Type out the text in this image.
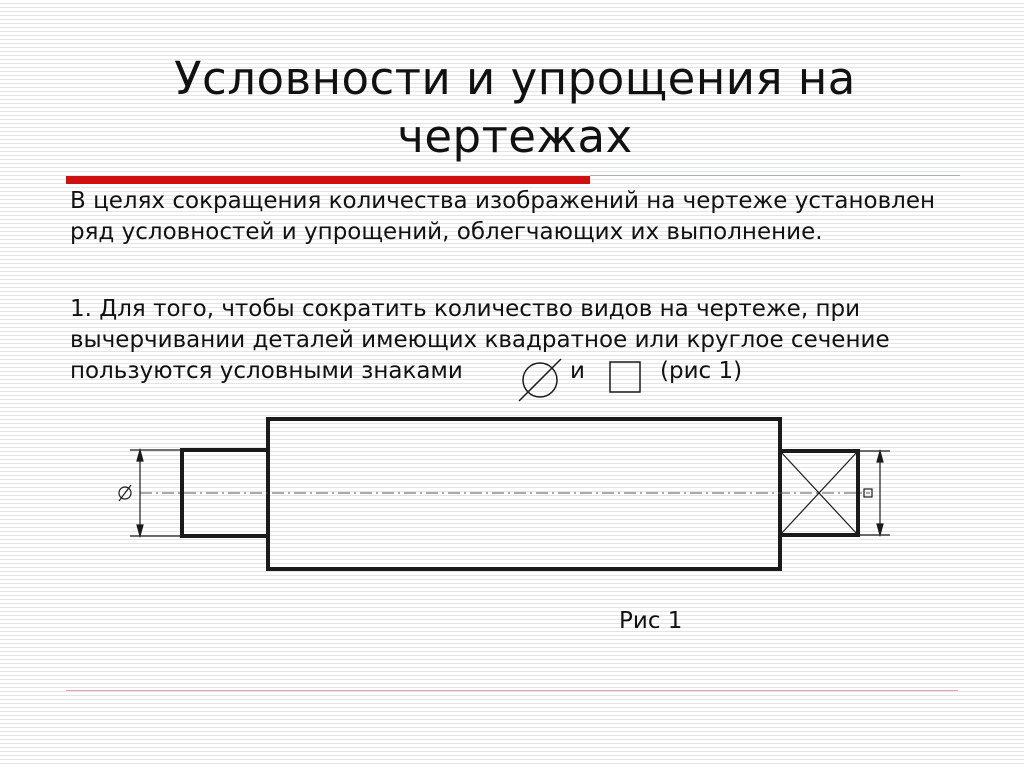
Условности и упрощения на
чертежах
В целях сокращения количества изображений на чертеже установлен ряд условностей и упрощений, облегчающих их выполнение.
1. Для того, чтобы сократить количество видов на чертеже, при вычерчивании деталей имеющих квадратное или круглое сечение пользуются условными знаками	и	(рис 1)
Рис 1
